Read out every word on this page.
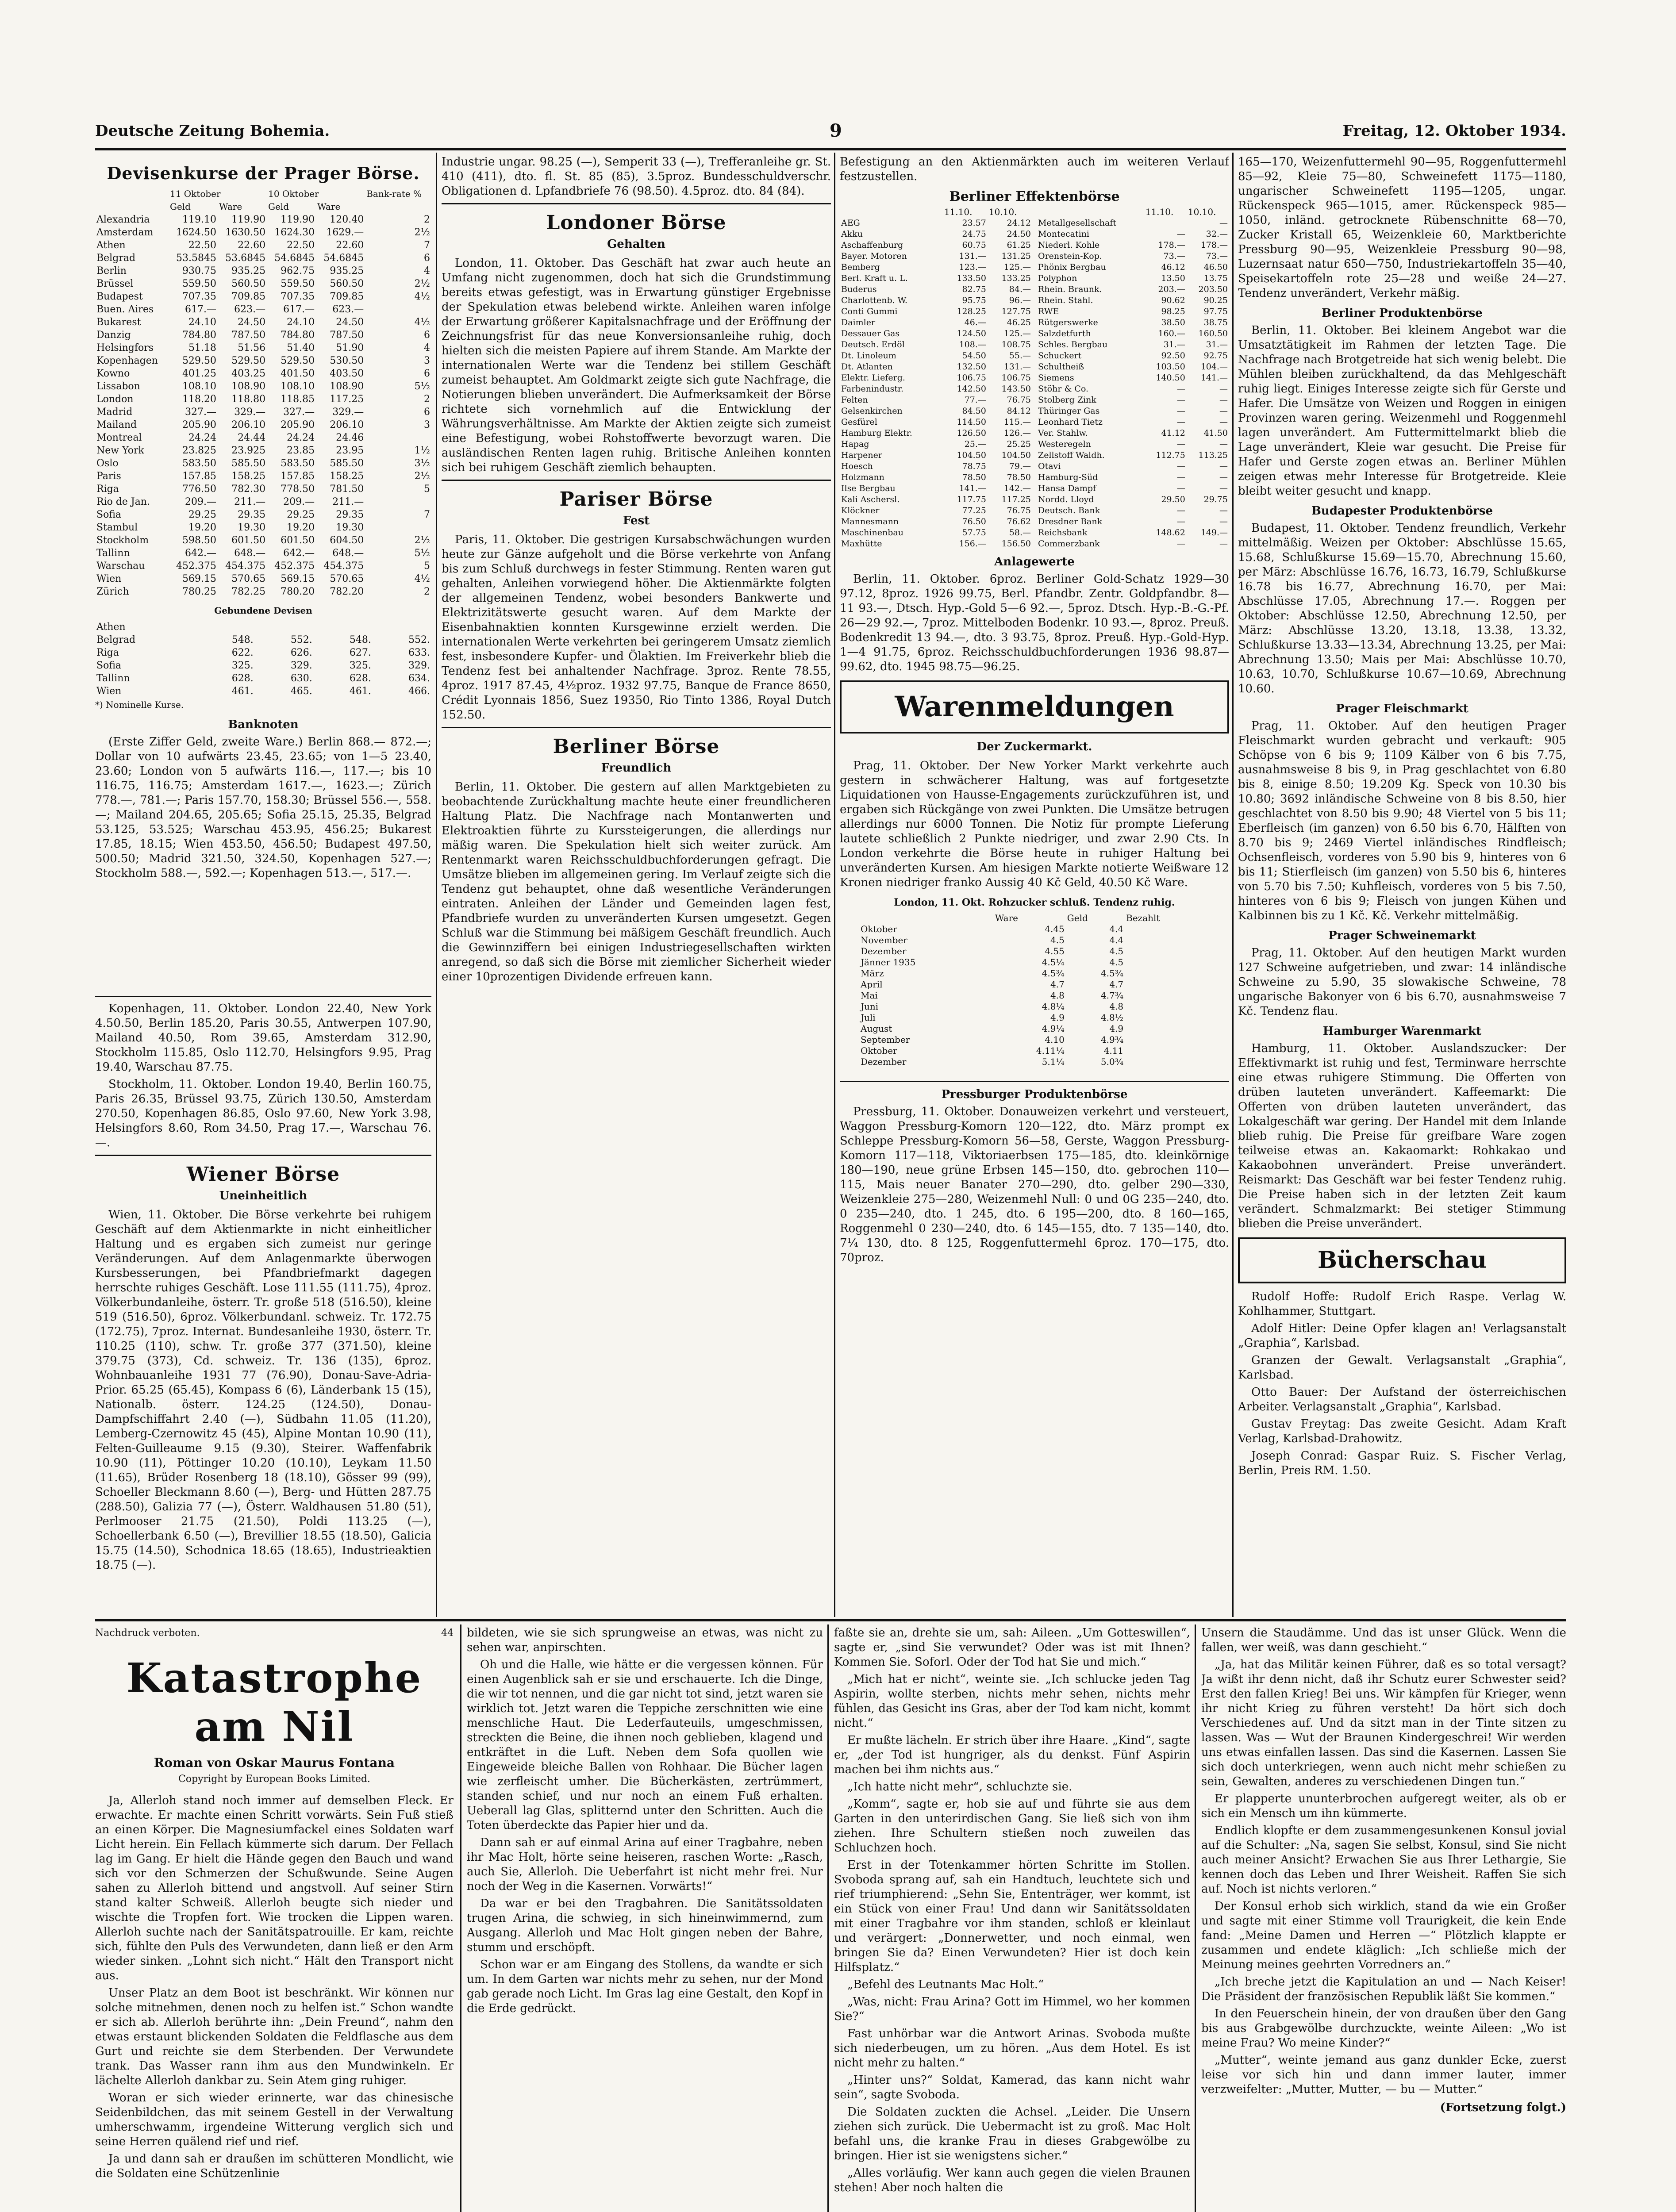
Deutsche Zeitung Bohemia.	9	Freitag, 12. Oktober 1934.
Devisenkurse der Prager Börse.
	11 Oktober		10 Oktober		Bank-rate %
	Geld	Ware	Geld	Ware	
Alexandria	119.10	119.90	119.90	120.40	2
Amsterdam	1624.50	1630.50	1624.30	1629.—	2½
Athen	22.50	22.60	22.50	22.60	7
Belgrad	53.5845	53.6845	54.6845	54.6845	6
Berlin	930.75	935.25	962.75	935.25	4
Brüssel	559.50	560.50	559.50	560.50	2½
Budapest	707.35	709.85	707.35	709.85	4½
Buen. Aires	617.—	623.—	617.—	623.—	
Bukarest	24.10	24.50	24.10	24.50	4½
Danzig	784.80	787.50	784.80	787.50	6
Helsingfors	51.18	51.56	51.40	51.90	4
Kopenhagen	529.50	529.50	529.50	530.50	3
Kowno	401.25	403.25	401.50	403.50	6
Lissabon	108.10	108.90	108.10	108.90	5½
London	118.20	118.80	118.85	117.25	2
Madrid	327.—	329.—	327.—	329.—	6
Mailand	205.90	206.10	205.90	206.10	3
Montreal	24.24	24.44	24.24	24.46	
New York	23.825	23.925	23.85	23.95	1½
Oslo	583.50	585.50	583.50	585.50	3½
Paris	157.85	158.25	157.85	158.25	2½
Riga	776.50	782.30	778.50	781.50	5
Rio de Jan.	209.—	211.—	209.—	211.—	
Sofia	29.25	29.35	29.25	29.35	7
Stambul	19.20	19.30	19.20	19.30	
Stockholm	598.50	601.50	601.50	604.50	2½
Tallinn	642.—	648.—	642.—	648.—	5½
Warschau	452.375	454.375	452.375	454.375	5
Wien	569.15	570.65	569.15	570.65	4½
Zürich	780.25	782.25	780.20	782.20	2
Gebundene Devisen
Athen				
Belgrad	548.	552.	548.	552.
Riga	622.	626.	627.	633.
Sofia	325.	329.	325.	329.
Tallinn	628.	630.	628.	634.
Wien	461.	465.	461.	466.
*) Nominelle Kurse.
Banknoten

(Erste Ziffer Geld, zweite Ware.) Berlin 868.— 872.—; Dollar von 10 aufwärts 23.45, 23.65; von 1—5 23.40, 23.60; London von 5 aufwärts 116.—, 117.—; bis 10 116.75, 116.75; Amsterdam 1617.—, 1623.—; Zürich 778.—, 781.—; Paris 157.70, 158.30; Brüssel 556.—, 558.—; Mailand 204.65, 205.65; Sofia 25.15, 25.35, Belgrad 53.125, 53.525; Warschau 453.95, 456.25; Bukarest 17.85, 18.15; Wien 453.50, 456.50; Budapest 497.50, 500.50; Madrid 321.50, 324.50, Kopenhagen 527.—; Stockholm 588.—, 592.—; Kopenhagen 513.—, 517.—.

Kopenhagen, 11. Oktober. London 22.40, New York 4.50.50, Berlin 185.20, Paris 30.55, Antwerpen 107.90, Mailand 40.50, Rom 39.65, Amsterdam 312.90, Stockholm 115.85, Oslo 112.70, Helsingfors 9.95, Prag 19.40, Warschau 87.75.

Stockholm, 11. Oktober. London 19.40, Berlin 160.75, Paris 26.35, Brüssel 93.75, Zürich 130.50, Amsterdam 270.50, Kopenhagen 86.85, Oslo 97.60, New York 3.98, Helsingfors 8.60, Rom 34.50, Prag 17.—, Warschau 76.—.

Wiener Börse
Uneinheitlich

Wien, 11. Oktober. Die Börse verkehrte bei ruhigem Geschäft auf dem Aktienmarkte in nicht einheitlicher Haltung und es ergaben sich zumeist nur geringe Veränderungen. Auf dem Anlagenmarkte überwogen Kursbesserungen, bei Pfandbriefmarkt dagegen herrschte ruhiges Geschäft. Lose 111.55 (111.75), 4proz. Völkerbundanleihe, österr. Tr. große 518 (516.50), kleine 519 (516.50), 6proz. Völkerbundanl. schweiz. Tr. 172.75 (172.75), 7proz. Internat. Bundesanleihe 1930, österr. Tr. 110.25 (110), schw. Tr. große 377 (371.50), kleine 379.75 (373), Cd. schweiz. Tr. 136 (135), 6proz. Wohnbauanleihe 1931 77 (76.90), Donau-Save-Adria-Prior. 65.25 (65.45), Kompass 6 (6), Länderbank 15 (15), Nationalb. österr. 124.25 (124.50), Donau-Dampfschiffahrt 2.40 (—), Südbahn 11.05 (11.20), Lemberg-Czernowitz 45 (45), Alpine Montan 10.90 (11), Felten-Guilleaume 9.15 (9.30), Steirer. Waffenfabrik 10.90 (11), Pöttinger 10.20 (10.10), Leykam 11.50 (11.65), Brüder Rosenberg 18 (18.10), Gösser 99 (99), Schoeller Bleckmann 8.60 (—), Berg- und Hütten 287.75 (288.50), Galizia 77 (—), Österr. Waldhausen 51.80 (51), Perlmooser 21.75 (21.50), Poldi 113.25 (—), Schoellerbank 6.50 (—), Brevillier 18.55 (18.50), Galicia 15.75 (14.50), Schodnica 18.65 (18.65), Industrieaktien 18.75 (—).

Industrie ungar. 98.25 (—), Semperit 33 (—), Trefferanleihe gr. St. 410 (411), dto. fl. St. 85 (85), 3.5proz. Bundesschuldverschr. Obligationen d. Lpfandbriefe 76 (98.50). 4.5proz. dto. 84 (84).

Londoner Börse
Gehalten

London, 11. Oktober. Das Geschäft hat zwar auch heute an Umfang nicht zugenommen, doch hat sich die Grundstimmung bereits etwas gefestigt, was in Erwartung günstiger Ergebnisse der Spekulation etwas belebend wirkte. Anleihen waren infolge der Erwartung größerer Kapitalsnachfrage und der Eröffnung der Zeichnungsfrist für das neue Konversionsanleihe ruhig, doch hielten sich die meisten Papiere auf ihrem Stande. Am Markte der internationalen Werte war die Tendenz bei stillem Geschäft zumeist behauptet. Am Goldmarkt zeigte sich gute Nachfrage, die Notierungen blieben unverändert. Die Aufmerksamkeit der Börse richtete sich vornehmlich auf die Entwicklung der Währungsverhältnisse. Am Markte der Aktien zeigte sich zumeist eine Befestigung, wobei Rohstoffwerte bevorzugt waren. Die ausländischen Renten lagen ruhig. Britische Anleihen konnten sich bei ruhigem Geschäft ziemlich behaupten.

Pariser Börse
Fest

Paris, 11. Oktober. Die gestrigen Kursabschwächungen wurden heute zur Gänze aufgeholt und die Börse verkehrte von Anfang bis zum Schluß durchwegs in fester Stimmung. Renten waren gut gehalten, Anleihen vorwiegend höher. Die Aktienmärkte folgten der allgemeinen Tendenz, wobei besonders Bankwerte und Elektrizitätswerte gesucht waren. Auf dem Markte der Eisenbahnaktien konnten Kursgewinne erzielt werden. Die internationalen Werte verkehrten bei geringerem Umsatz ziemlich fest, insbesondere Kupfer- und Ölaktien. Im Freiverkehr blieb die Tendenz fest bei anhaltender Nachfrage. 3proz. Rente 78.55, 4proz. 1917 87.45, 4½proz. 1932 97.75, Banque de France 8650, Crédit Lyonnais 1856, Suez 19350, Rio Tinto 1386, Royal Dutch 152.50.

Berliner Börse
Freundlich

Berlin, 11. Oktober. Die gestern auf allen Marktgebieten zu beobachtende Zurückhaltung machte heute einer freundlicheren Haltung Platz. Die Nachfrage nach Montanwerten und Elektroaktien führte zu Kurssteigerungen, die allerdings nur mäßig waren. Die Spekulation hielt sich weiter zurück. Am Rentenmarkt waren Reichsschuldbuchforderungen gefragt. Die Umsätze blieben im allgemeinen gering. Im Verlauf zeigte sich die Tendenz gut behauptet, ohne daß wesentliche Veränderungen eintraten. Anleihen der Länder und Gemeinden lagen fest, Pfandbriefe wurden zu unveränderten Kursen umgesetzt. Gegen Schluß war die Stimmung bei mäßigem Geschäft freundlich. Auch die Gewinnziffern bei einigen Industriegesellschaften wirkten anregend, so daß sich die Börse mit ziemlicher Sicherheit wieder einer 10prozentigen Dividende erfreuen kann.

Befestigung an den Aktienmärkten auch im weiteren Verlauf festzustellen.

Berliner Effektenbörse
	11.10.	10.10.
AEG	23.57	24.12
Akku	24.75	24.50
Aschaffenburg	60.75	61.25
Bayer. Motoren	131.—	131.25
Bemberg	123.—	125.—
Berl. Kraft u. L.	133.50	133.25
Buderus	82.75	84.—
Charlottenb. W.	95.75	96.—
Conti Gummi	128.25	127.75
Daimler	46.—	46.25
Dessauer Gas	124.50	125.—
Deutsch. Erdöl	108.—	108.75
Dt. Linoleum	54.50	55.—
Dt. Atlanten	132.50	131.—
Elektr. Lieferg.	106.75	106.75
Farbenindustr.	142.50	143.50
Felten	77.—	76.75
Gelsenkirchen	84.50	84.12
Gesfürel	114.50	115.—
Hamburg Elektr.	126.50	126.—
Hapag	25.—	25.25
Harpener	104.50	104.50
Hoesch	78.75	79.—
Holzmann	78.50	78.50
Ilse Bergbau	141.—	142.—
Kali Aschersl.	117.75	117.25
Klöckner	77.25	76.75
Mannesmann	76.50	76.62
Maschinenbau	57.75	58.—
Maxhütte	156.—	156.50
	11.10.	10.10.
Metallgesellschaft		—
Montecatini	—	32.—
Niederl. Kohle	178.—	178.—
Orenstein-Kop.	73.—	73.—
Phönix Bergbau	46.12	46.50
Polyphon	13.50	13.75
Rhein. Braunk.	203.—	203.50
Rhein. Stahl.	90.62	90.25
RWE	98.25	97.75
Rütgerswerke	38.50	38.75
Salzdetfurth	160.—	160.50
Schles. Bergbau	31.—	31.—
Schuckert	92.50	92.75
Schultheiß	103.50	104.—
Siemens	140.50	141.—
Stöhr & Co.	—	—
Stolberg Zink	—	—
Thüringer Gas	—	—
Leonhard Tietz	—	—
Ver. Stahlw.	41.12	41.50
Westeregeln	—	—
Zellstoff Waldh.	112.75	113.25
Otavi	—	—
Hamburg-Süd	—	—
Hansa Dampf	—	—
Nordd. Lloyd	29.50	29.75
Deutsch. Bank	—	—
Dresdner Bank	—	—
Reichsbank	148.62	149.—
Commerzbank	—	—
Anlagewerte

Berlin, 11. Oktober. 6proz. Berliner Gold-Schatz 1929—30 97.12, 8proz. 1926 99.75, Berl. Pfandbr. Zentr. Goldpfandbr. 8—11 93.—, Dtsch. Hyp.-Gold 5—6 92.—, 5proz. Dtsch. Hyp.-B.-G.-Pf. 26—29 92.—, 7proz. Mittelboden Bodenkr. 10 93.—, 8proz. Preuß. Bodenkredit 13 94.—, dto. 3 93.75, 8proz. Preuß. Hyp.-Gold-Hyp. 1—4 91.75, 6proz. Reichsschuldbuchforderungen 1936 98.87—99.62, dto. 1945 98.75—96.25.

Warenmeldungen
Der Zuckermarkt.

Prag, 11. Oktober. Der New Yorker Markt verkehrte auch gestern in schwächerer Haltung, was auf fortgesetzte Liquidationen von Hausse-Engagements zurückzuführen ist, und ergaben sich Rückgänge von zwei Punkten. Die Umsätze betrugen allerdings nur 6000 Tonnen. Die Notiz für prompte Lieferung lautete schließlich 2 Punkte niedriger, und zwar 2.90 Cts. In London verkehrte die Börse heute in ruhiger Haltung bei unveränderten Kursen. Am hiesigen Markte notierte Weißware 12 Kronen niedriger franko Aussig 40 Kč Geld, 40.50 Kč Ware.

London, 11. Okt. Rohzucker schluß. Tendenz ruhig.
	Ware	Geld	Bezahlt
Oktober	4.45	4.4	
November	4.5	4.4	
Dezember	4.55	4.5	
Jänner 1935	4.5¼	4.5	
März	4.5¾	4.5¾	
April	4.7	4.7	
Mai	4.8	4.7¾	
Juni	4.8¼	4.8	
Juli	4.9	4.8½	
August	4.9¼	4.9	
September	4.10	4.9¾	
Oktober	4.11¼	4.11	
Dezember	5.1¼	5.0¾	
Pressburger Produktenbörse

Pressburg, 11. Oktober. Donauweizen verkehrt und versteuert, Waggon Pressburg-Komorn 120—122, dto. März prompt ex Schleppe Pressburg-Komorn 56—58, Gerste, Waggon Pressburg-Komorn 117—118, Viktoriaerbsen 175—185, dto. kleinkörnige 180—190, neue grüne Erbsen 145—150, dto. gebrochen 110—115, Mais neuer Banater 270—290, dto. gelber 290—330, Weizenkleie 275—280, Weizenmehl Null: 0 und 0G 235—240, dto. 0 235—240, dto. 1 245, dto. 6 195—200, dto. 8 160—165, Roggenmehl 0 230—240, dto. 6 145—155, dto. 7 135—140, dto. 7¼ 130, dto. 8 125, Roggenfuttermehl 6proz. 170—175, dto. 70proz.

165—170, Weizenfuttermehl 90—95, Roggenfuttermehl 85—92, Kleie 75—80, Schweinefett 1175—1180, ungarischer Schweinefett 1195—1205, ungar. Rückenspeck 965—1015, amer. Rückenspeck 985—1050, inländ. getrocknete Rübenschnitte 68—70, Zucker Kristall 65, Weizenkleie 60, Marktberichte Pressburg 90—95, Weizenkleie Pressburg 90—98, Luzernsaat natur 650—750, Industriekartoffeln 35—40, Speisekartoffeln rote 25—28 und weiße 24—27. Tendenz unverändert, Verkehr mäßig.

Berliner Produktenbörse

Berlin, 11. Oktober. Bei kleinem Angebot war die Umsatztätigkeit im Rahmen der letzten Tage. Die Nachfrage nach Brotgetreide hat sich wenig belebt. Die Mühlen bleiben zurückhaltend, da das Mehlgeschäft ruhig liegt. Einiges Interesse zeigte sich für Gerste und Hafer. Die Umsätze von Weizen und Roggen in einigen Provinzen waren gering. Weizenmehl und Roggenmehl lagen unverändert. Am Futtermittelmarkt blieb die Lage unverändert, Kleie war gesucht. Die Preise für Hafer und Gerste zogen etwas an. Berliner Mühlen zeigen etwas mehr Interesse für Brotgetreide. Kleie bleibt weiter gesucht und knapp.

Budapester Produktenbörse

Budapest, 11. Oktober. Tendenz freundlich, Verkehr mittelmäßig. Weizen per Oktober: Abschlüsse 15.65, 15.68, Schlußkurse 15.69—15.70, Abrechnung 15.60, per März: Abschlüsse 16.76, 16.73, 16.79, Schlußkurse 16.78 bis 16.77, Abrechnung 16.70, per Mai: Abschlüsse 17.05, Abrechnung 17.—. Roggen per Oktober: Abschlüsse 12.50, Abrechnung 12.50, per März: Abschlüsse 13.20, 13.18, 13.38, 13.32, Schlußkurse 13.33—13.34, Abrechnung 13.25, per Mai: Abrechnung 13.50; Mais per Mai: Abschlüsse 10.70, 10.63, 10.70, Schlußkurse 10.67—10.69, Abrechnung 10.60.

Prager Fleischmarkt

Prag, 11. Oktober. Auf den heutigen Prager Fleischmarkt wurden gebracht und verkauft: 905 Schöpse von 6 bis 9; 1109 Kälber von 6 bis 7.75, ausnahmsweise 8 bis 9, in Prag geschlachtet von 6.80 bis 8, einige 8.50; 19.209 Kg. Speck von 10.30 bis 10.80; 3692 inländische Schweine von 8 bis 8.50, hier geschlachtet von 8.50 bis 9.90; 48 Viertel von 5 bis 11; Eberfleisch (im ganzen) von 6.50 bis 6.70, Hälften von 8.70 bis 9; 2469 Viertel inländisches Rindfleisch; Ochsenfleisch, vorderes von 5.90 bis 9, hinteres von 6 bis 11; Stierfleisch (im ganzen) von 5.50 bis 6, hinteres von 5.70 bis 7.50; Kuhfleisch, vorderes von 5 bis 7.50, hinteres von 6 bis 9; Fleisch von jungen Kühen und Kalbinnen bis zu 1 Kč. Kč. Verkehr mittelmäßig.

Prager Schweinemarkt

Prag, 11. Oktober. Auf den heutigen Markt wurden 127 Schweine aufgetrieben, und zwar: 14 inländische Schweine zu 5.90, 35 slowakische Schweine, 78 ungarische Bakonyer von 6 bis 6.70, ausnahmsweise 7 Kč. Tendenz flau.

Hamburger Warenmarkt

Hamburg, 11. Oktober. Auslandszucker: Der Effektivmarkt ist ruhig und fest, Terminware herrschte eine etwas ruhigere Stimmung. Die Offerten von drüben lauteten unverändert. Kaffeemarkt: Die Offerten von drüben lauteten unverändert, das Lokalgeschäft war gering. Der Handel mit dem Inlande blieb ruhig. Die Preise für greifbare Ware zogen teilweise etwas an. Kakaomarkt: Rohkakao und Kakaobohnen unverändert. Preise unverändert. Reismarkt: Das Geschäft war bei fester Tendenz ruhig. Die Preise haben sich in der letzten Zeit kaum verändert. Schmalzmarkt: Bei stetiger Stimmung blieben die Preise unverändert.

Bücherschau

Rudolf Hoffe: Rudolf Erich Raspe. Verlag W. Kohlhammer, Stuttgart.

Adolf Hitler: Deine Opfer klagen an! Verlagsanstalt „Graphia“, Karlsbad.

Granzen der Gewalt. Verlagsanstalt „Graphia“, Karlsbad.

Otto Bauer: Der Aufstand der österreichischen Arbeiter. Verlagsanstalt „Graphia“, Karlsbad.

Gustav Freytag: Das zweite Gesicht. Adam Kraft Verlag, Karlsbad-Drahowitz.

Joseph Conrad: Gaspar Ruiz. S. Fischer Verlag, Berlin, Preis RM. 1.50.

Nachdruck verboten.	44
Katastrophe am Nil
Roman von Oskar Maurus Fontana
Copyright by European Books Limited.

Ja, Allerloh stand noch immer auf demselben Fleck. Er erwachte. Er machte einen Schritt vorwärts. Sein Fuß stieß an einen Körper. Die Magnesiumfackel eines Soldaten warf Licht herein. Ein Fellach kümmerte sich darum. Der Fellach lag im Gang. Er hielt die Hände gegen den Bauch und wand sich vor den Schmerzen der Schußwunde. Seine Augen sahen zu Allerloh bittend und angstvoll. Auf seiner Stirn stand kalter Schweiß. Allerloh beugte sich nieder und wischte die Tropfen fort. Wie trocken die Lippen waren. Allerloh suchte nach der Sanitätspatrouille. Er kam, reichte sich, fühlte den Puls des Verwundeten, dann ließ er den Arm wieder sinken. „Lohnt sich nicht.“ Hält den Transport nicht aus.

Unser Platz an dem Boot ist beschränkt. Wir können nur solche mitnehmen, denen noch zu helfen ist.“ Schon wandte er sich ab. Allerloh berührte ihn: „Dein Freund“, nahm den etwas erstaunt blickenden Soldaten die Feldflasche aus dem Gurt und reichte sie dem Sterbenden. Der Verwundete trank. Das Wasser rann ihm aus den Mundwinkeln. Er lächelte Allerloh dankbar zu. Sein Atem ging ruhiger.

Woran er sich wieder erinnerte, war das chinesische Seidenbildchen, das mit seinem Gestell in der Verwaltung umherschwamm, irgendeine Witterung verglich sich und seine Herren quälend rief und rief.

Ja und dann sah er draußen im schütteren Mondlicht, wie die Soldaten eine Schützenlinie

bildeten, wie sie sich sprungweise an etwas, was nicht zu sehen war, anpirschten.

Oh und die Halle, wie hätte er die vergessen können. Für einen Augenblick sah er sie und erschauerte. Ich die Dinge, die wir tot nennen, und die gar nicht tot sind, jetzt waren sie wirklich tot. Jetzt waren die Teppiche zerschnitten wie eine menschliche Haut. Die Lederfauteuils, umgeschmissen, streckten die Beine, die ihnen noch geblieben, klagend und entkräftet in die Luft. Neben dem Sofa quollen wie Eingeweide bleiche Ballen von Rohhaar. Die Bücher lagen wie zerfleischt umher. Die Bücherkästen, zertrümmert, standen schief, und nur noch an einem Fuß erhalten. Ueberall lag Glas, splitternd unter den Schritten. Auch die Toten überdeckte das Papier hier und da.

Dann sah er auf einmal Arina auf einer Tragbahre, neben ihr Mac Holt, hörte seine heiseren, raschen Worte: „Rasch, auch Sie, Allerloh. Die Ueberfahrt ist nicht mehr frei. Nur noch der Weg in die Kasernen. Vorwärts!“

Da war er bei den Tragbahren. Die Sanitätssoldaten trugen Arina, die schwieg, in sich hineinwimmernd, zum Ausgang. Allerloh und Mac Holt gingen neben der Bahre, stumm und erschöpft.

Schon war er am Eingang des Stollens, da wandte er sich um. In dem Garten war nichts mehr zu sehen, nur der Mond gab gerade noch Licht. Im Gras lag eine Gestalt, den Kopf in die Erde gedrückt.

faßte sie an, drehte sie um, sah: Aileen. „Um Gotteswillen“, sagte er, „sind Sie verwundet? Oder was ist mit Ihnen? Kommen Sie. Soforl. Oder der Tod hat Sie und mich.“

„Mich hat er nicht“, weinte sie. „Ich schlucke jeden Tag Aspirin, wollte sterben, nichts mehr sehen, nichts mehr fühlen, das Gesicht ins Gras, aber der Tod kam nicht, kommt nicht.“

Er mußte lächeln. Er strich über ihre Haare. „Kind“, sagte er, „der Tod ist hungriger, als du denkst. Fünf Aspirin machen bei ihm nichts aus.“

„Ich hatte nicht mehr“, schluchzte sie.

„Komm“, sagte er, hob sie auf und führte sie aus dem Garten in den unterirdischen Gang. Sie ließ sich von ihm ziehen. Ihre Schultern stießen noch zuweilen das Schluchzen hoch.

Erst in der Totenkammer hörten Schritte im Stollen. Svoboda sprang auf, sah ein Handtuch, leuchtete sich und rief triumphierend: „Sehn Sie, Ententräger, wer kommt, ist ein Stück von einer Frau! Und dann wir Sanitätssoldaten mit einer Tragbahre vor ihm standen, schloß er kleinlaut und verärgert: „Donnerwetter, und noch einmal, wen bringen Sie da? Einen Verwundeten? Hier ist doch kein Hilfsplatz.“

„Befehl des Leutnants Mac Holt.“

„Was, nicht: Frau Arina? Gott im Himmel, wo her kommen Sie?“

Fast unhörbar war die Antwort Arinas. Svoboda mußte sich niederbeugen, um zu hören. „Aus dem Hotel. Es ist nicht mehr zu halten.“

„Hinter uns?“ Soldat, Kamerad, das kann nicht wahr sein“, sagte Svoboda.

Die Soldaten zuckten die Achsel. „Leider. Die Unsern ziehen sich zurück. Die Uebermacht ist zu groß. Mac Holt befahl uns, die kranke Frau in dieses Grabgewölbe zu bringen. Hier ist sie wenigstens sicher.“

„Alles vorläufig. Wer kann auch gegen die vielen Braunen stehen! Aber noch halten die

Unsern die Staudämme. Und das ist unser Glück. Wenn die fallen, wer weiß, was dann geschieht.“

„Ja, hat das Militär keinen Führer, daß es so total versagt? Ja wißt ihr denn nicht, daß ihr Schutz eurer Schwester seid? Erst den fallen Krieg! Bei uns. Wir kämpfen für Krieger, wenn ihr nicht Krieg zu führen versteht! Da hört sich doch Verschiedenes auf. Und da sitzt man in der Tinte sitzen zu lassen. Was — Wut der Braunen Kindergeschrei! Wir werden uns etwas einfallen lassen. Das sind die Kasernen. Lassen Sie sich doch unterkriegen, wenn auch nicht mehr schießen zu sein, Gewalten, anderes zu verschiedenen Dingen tun.“

Er plapperte ununterbrochen aufgeregt weiter, als ob er sich ein Mensch um ihn kümmerte.

Endlich klopfte er dem zusammengesunkenen Konsul jovial auf die Schulter: „Na, sagen Sie selbst, Konsul, sind Sie nicht auch meiner Ansicht? Erwachen Sie aus Ihrer Lethargie, Sie kennen doch das Leben und Ihrer Weisheit. Raffen Sie sich auf. Noch ist nichts verloren.“

Der Konsul erhob sich wirklich, stand da wie ein Großer und sagte mit einer Stimme voll Traurigkeit, die kein Ende fand: „Meine Damen und Herren —“ Plötzlich klappte er zusammen und endete kläglich: „Ich schließe mich der Meinung meines geehrten Vorredners an.“

„Ich breche jetzt die Kapitulation an und — Nach Keiser! Die Präsident der französischen Republik läßt Sie kommen.“

In den Feuerschein hinein, der von draußen über den Gang bis aus Grabgewölbe durchzuckte, weinte Aileen: „Wo ist meine Frau? Wo meine Kinder?“

„Mutter“, weinte jemand aus ganz dunkler Ecke, zuerst leise vor sich hin und dann immer lauter, immer verzweifelter: „Mutter, Mutter, — bu — Mutter.“

(Fortsetzung folgt.)
